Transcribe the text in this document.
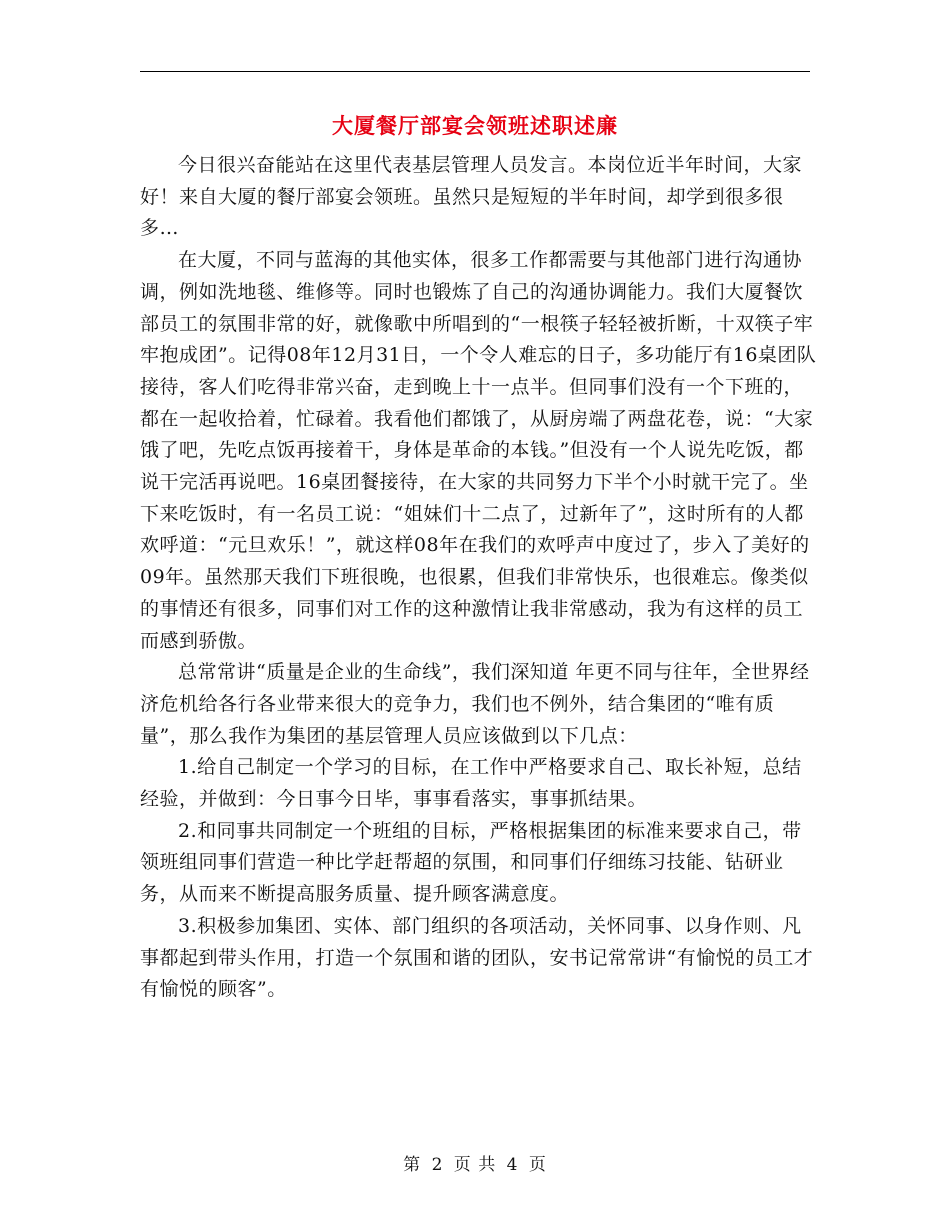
大厦餐厅部宴会领班述职述廉

今日很兴奋能站在这里代表基层管理人员发言。本岗位近半年时间，大家好！来自大厦的餐厅部宴会领班。虽然只是短短的半年时间，却学到很多很多…

在大厦，不同与蓝海的其他实体，很多工作都需要与其他部门进行沟通协调，例如洗地毯、维修等。同时也锻炼了自己的沟通协调能力。我们大厦餐饮部员工的氛围非常的好，就像歌中所唱到的“一根筷子轻轻被折断，十双筷子牢牢抱成团”。记得08年12月31日，一个令人难忘的日子，多功能厅有16桌团队接待，客人们吃得非常兴奋，走到晚上十一点半。但同事们没有一个下班的，都在一起收拾着，忙碌着。我看他们都饿了，从厨房端了两盘花卷，说：“大家饿了吧，先吃点饭再接着干，身体是革命的本钱。”但没有一个人说先吃饭，都说干完活再说吧。16桌团餐接待，在大家的共同努力下半个小时就干完了。坐下来吃饭时，有一名员工说：“姐妹们十二点了，过新年了”，这时所有的人都欢呼道：“元旦欢乐！”，就这样08年在我们的欢呼声中度过了，步入了美好的09年。虽然那天我们下班很晚，也很累，但我们非常快乐，也很难忘。像类似的事情还有很多，同事们对工作的这种激情让我非常感动，我为有这样的员工而感到骄傲。

总常常讲“质量是企业的生命线”，我们深知道 年更不同与往年，全世界经济危机给各行各业带来很大的竞争力，我们也不例外，结合集团的“唯有质量”，那么我作为集团的基层管理人员应该做到以下几点：

1.给自己制定一个学习的目标，在工作中严格要求自己、取长补短，总结经验，并做到：今日事今日毕，事事看落实，事事抓结果。

2.和同事共同制定一个班组的目标，严格根据集团的标准来要求自己，带领班组同事们营造一种比学赶帮超的氛围，和同事们仔细练习技能、钻研业务，从而来不断提高服务质量、提升顾客满意度。

3.积极参加集团、实体、部门组织的各项活动，关怀同事、以身作则、凡事都起到带头作用，打造一个氛围和谐的团队，安书记常常讲“有愉悦的员工才有愉悦的顾客”。

第 2 页 共 4 页
